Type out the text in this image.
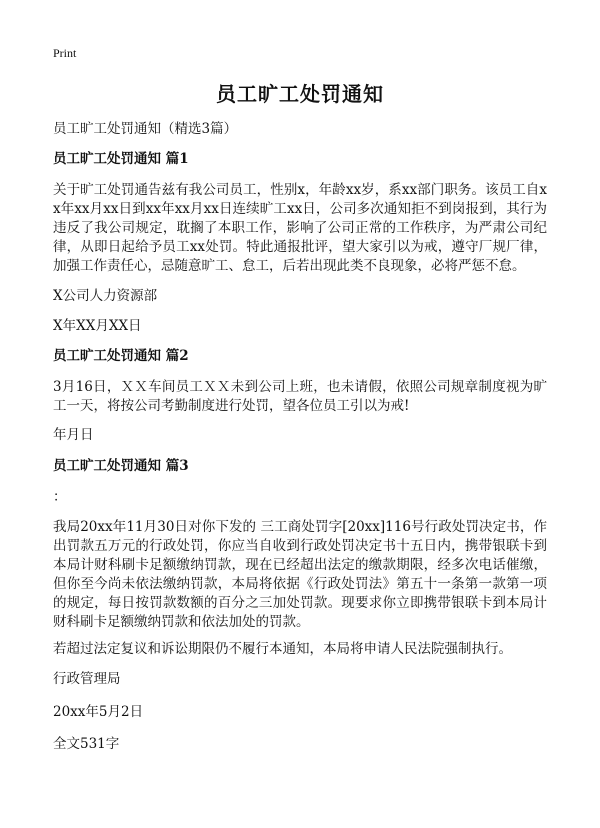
Print
员工旷工处罚通知
员工旷工处罚通知（精选3篇）
员工旷工处罚通知 篇1
关于旷工处罚通告兹有我公司员工，性别x，年龄xx岁，系xx部门职务。该员工自xx年xx月xx日到xx年xx月xx日连续旷工xx日，公司多次通知拒不到岗报到，其行为违反了我公司规定，耽搁了本职工作，影响了公司正常的工作秩序，为严肃公司纪律，从即日起给予员工xx处罚。特此通报批评，望大家引以为戒，遵守厂规厂律，加强工作责任心，忌随意旷工、怠工，后若出现此类不良现象，必将严惩不怠。
X公司人力资源部
X年XX月XX日
员工旷工处罚通知 篇2
3月16日，ＸＸ车间员工ＸＸ未到公司上班，也未请假，依照公司规章制度视为旷工一天，将按公司考勤制度进行处罚，望各位员工引以为戒!
年月日
员工旷工处罚通知 篇3
：
我局20xx年11月30日对你下发的 三工商处罚字[20xx]116号行政处罚决定书，作出罚款五万元的行政处罚，你应当自收到行政处罚决定书十五日内，携带银联卡到本局计财科刷卡足额缴纳罚款，现在已经超出法定的缴款期限，经多次电话催缴，但你至今尚未依法缴纳罚款，本局将依据《行政处罚法》第五十一条第一款第一项的规定，每日按罚款数额的百分之三加处罚款。现要求你立即携带银联卡到本局计财科刷卡足额缴纳罚款和依法加处的罚款。
若超过法定复议和诉讼期限仍不履行本通知，本局将申请人民法院强制执行。
行政管理局
20xx年5月2日
全文531字
